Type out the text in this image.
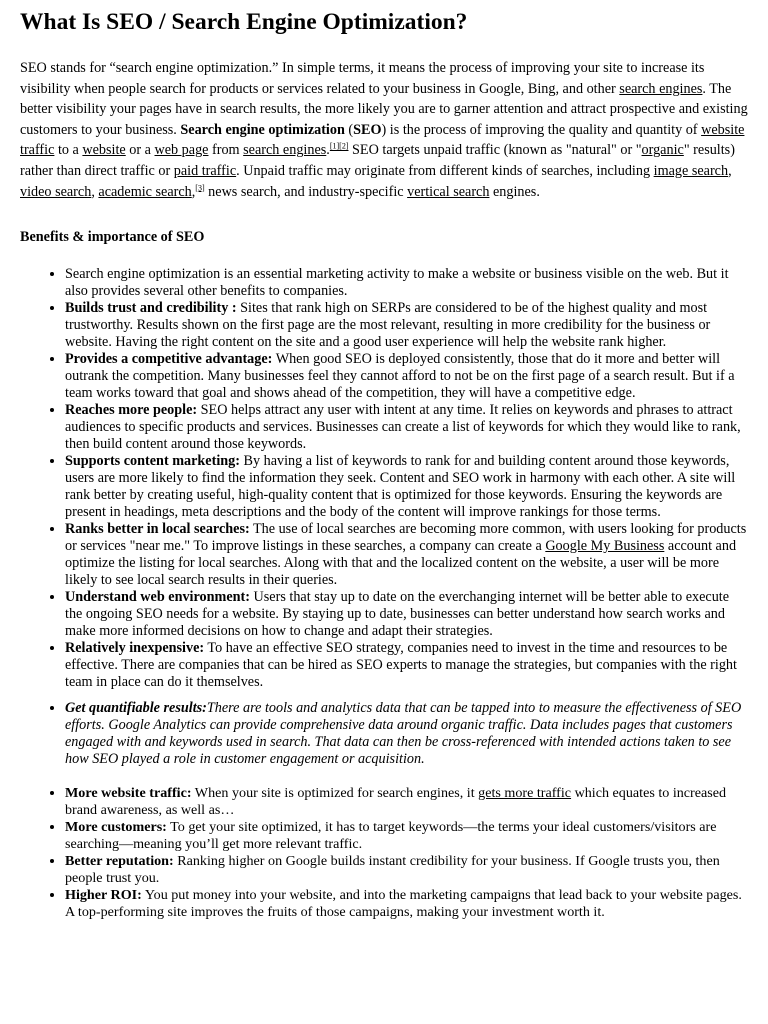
What Is SEO / Search Engine Optimization?

SEO stands for “search engine optimization.” In simple terms, it means the process of improving your site to increase its visibility when people search for products or services related to your business in Google, Bing, and other search engines. The better visibility your pages have in search results, the more likely you are to garner attention and attract prospective and existing customers to your business. Search engine optimization (SEO) is the process of improving the quality and quantity of website traffic to a website or a web page from search engines.[1][2] SEO targets unpaid traffic (known as "natural" or "organic" results) rather than direct traffic or paid traffic. Unpaid traffic may originate from different kinds of searches, including image search, video search, academic search,[3] news search, and industry-specific vertical search engines.

Benefits & importance of SEO
• Search engine optimization is an essential marketing activity to make a website or business visible on the web. But it also provides several other benefits to companies.
• Builds trust and credibility : Sites that rank high on SERPs are considered to be of the highest quality and most trustworthy. Results shown on the first page are the most relevant, resulting in more credibility for the business or website. Having the right content on the site and a good user experience will help the website rank higher.
• Provides a competitive advantage: When good SEO is deployed consistently, those that do it more and better will outrank the competition. Many businesses feel they cannot afford to not be on the first page of a search result. But if a team works toward that goal and shows ahead of the competition, they will have a competitive edge.
• Reaches more people: SEO helps attract any user with intent at any time. It relies on keywords and phrases to attract audiences to specific products and services. Businesses can create a list of keywords for which they would like to rank, then build content around those keywords.
• Supports content marketing: By having a list of keywords to rank for and building content around those keywords, users are more likely to find the information they seek. Content and SEO work in harmony with each other. A site will rank better by creating useful, high-quality content that is optimized for those keywords. Ensuring the keywords are present in headings, meta descriptions and the body of the content will improve rankings for those terms.
• Ranks better in local searches: The use of local searches are becoming more common, with users looking for products or services "near me." To improve listings in these searches, a company can create a Google My Business account and optimize the listing for local searches. Along with that and the localized content on the website, a user will be more likely to see local search results in their queries.
• Understand web environment: Users that stay up to date on the everchanging internet will be better able to execute the ongoing SEO needs for a website. By staying up to date, businesses can better understand how search works and make more informed decisions on how to change and adapt their strategies.
• Relatively inexpensive: To have an effective SEO strategy, companies need to invest in the time and resources to be effective. There are companies that can be hired as SEO experts to manage the strategies, but companies with the right team in place can do it themselves.
• Get quantifiable results:There are tools and analytics data that can be tapped into to measure the effectiveness of SEO efforts. Google Analytics can provide comprehensive data around organic traffic. Data includes pages that customers engaged with and keywords used in search. That data can then be cross-referenced with intended actions taken to see how SEO played a role in customer engagement or acquisition.
• More website traffic: When your site is optimized for search engines, it gets more traffic which equates to increased brand awareness, as well as…
• More customers: To get your site optimized, it has to target keywords—the terms your ideal customers/visitors are searching—meaning you’ll get more relevant traffic.
• Better reputation: Ranking higher on Google builds instant credibility for your business. If Google trusts you, then people trust you.
• Higher ROI: You put money into your website, and into the marketing campaigns that lead back to your website pages. A top-performing site improves the fruits of those campaigns, making your investment worth it.
